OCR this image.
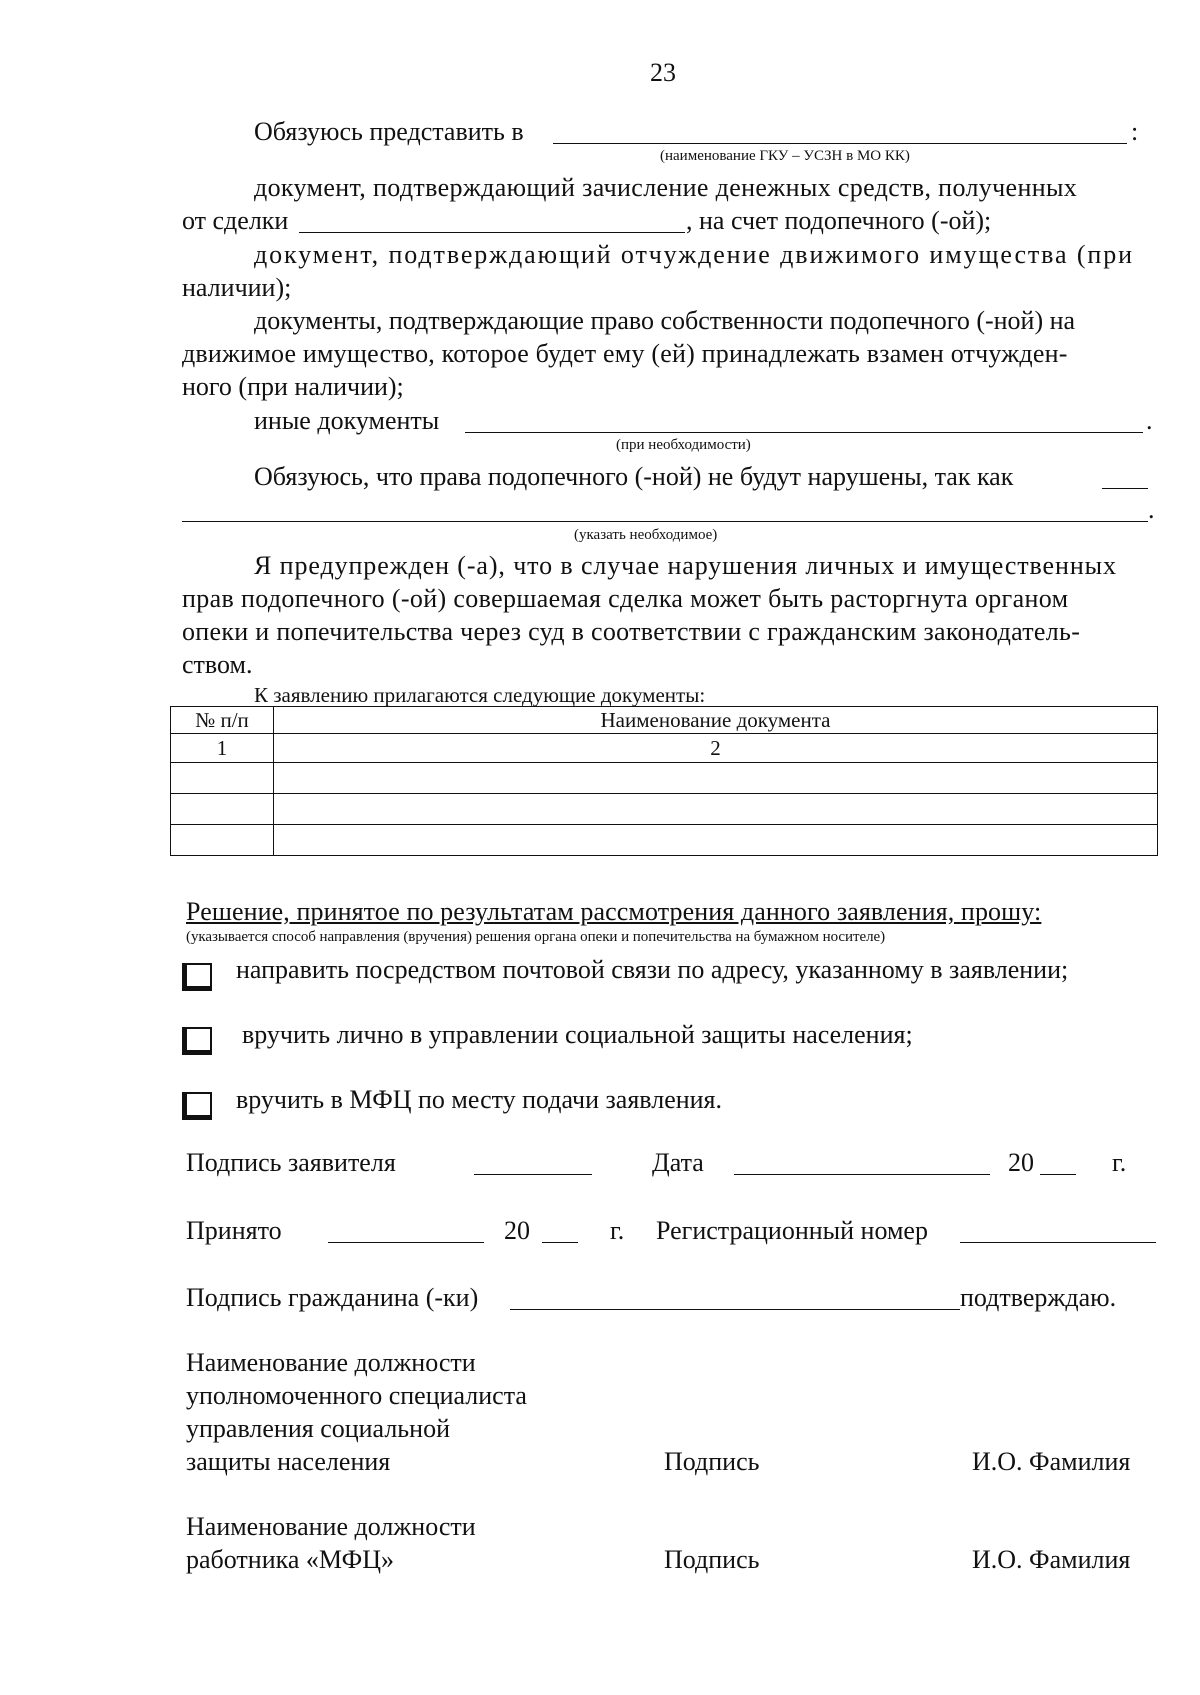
23
Обязуюсь представить в	:
(наименование ГКУ – УСЗН в МО КК)
документ, подтверждающий зачисление денежных средств, полученных
от сделки	, на счет подопечного (-ой);
документ, подтверждающий отчуждение движимого имущества (при
наличии);
документы, подтверждающие право собственности подопечного (-ной) на
движимое имущество, которое будет ему (ей) принадлежать взамен отчужден-
ного (при наличии);
иные документы	.
(при необходимости)
Обязуюсь, что права подопечного (-ной) не будут нарушены, так как
.
(указать необходимое)
Я предупрежден (-а), что в случае нарушения личных и имущественных
прав подопечного (-ой) совершаемая сделка может быть расторгнута органом
опеки и попечительства через суд в соответствии с гражданским законодатель-
ством.
К заявлению прилагаются следующие документы:
№ п/п	Наименование документа
1	2

Решение, принятое по результатам рассмотрения данного заявления, прошу:
(указывается способ направления (вручения) решения органа опеки и попечительства на бумажном носителе)
направить посредством почтовой связи по адресу, указанному в заявлении;
вручить лично в управлении социальной защиты населения;
вручить в МФЦ по месту подачи заявления.
Подпись заявителя	Дата	20	г.
Принято	20	г. Регистрационный номер
Подпись гражданина (-ки)	подтверждаю.
Наименование должности
уполномоченного специалиста
управления социальной
защиты населения	Подпись	И.О. Фамилия
Наименование должности
работника «МФЦ»	Подпись	И.О. Фамилия
